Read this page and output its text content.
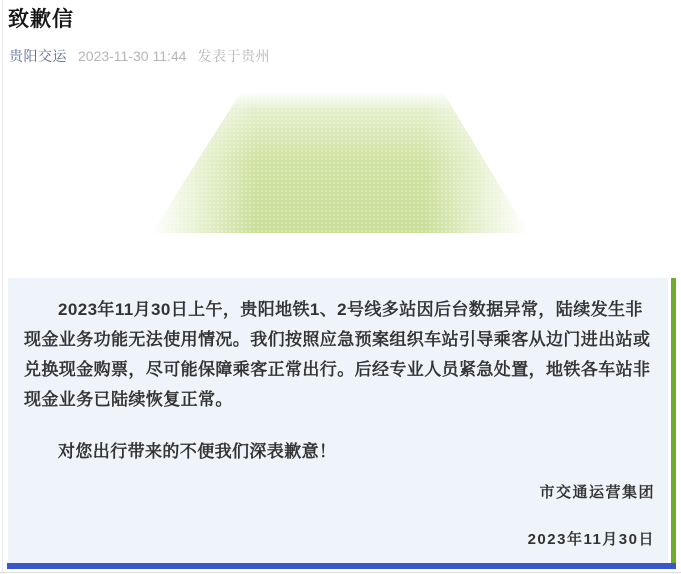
致歉信
贵阳交运 2023-11-30 11:44 发表于贵州

2023年11月30日上午，贵阳地铁1、2号线多站因后台数据异常，陆续发生非现金业务功能无法使用情况。我们按照应急预案组织车站引导乘客从边门进出站或兑换现金购票，尽可能保障乘客正常出行。后经专业人员紧急处置，地铁各车站非现金业务已陆续恢复正常。

对您出行带来的不便我们深表歉意！

市交通运营集团
2023年11月30日
